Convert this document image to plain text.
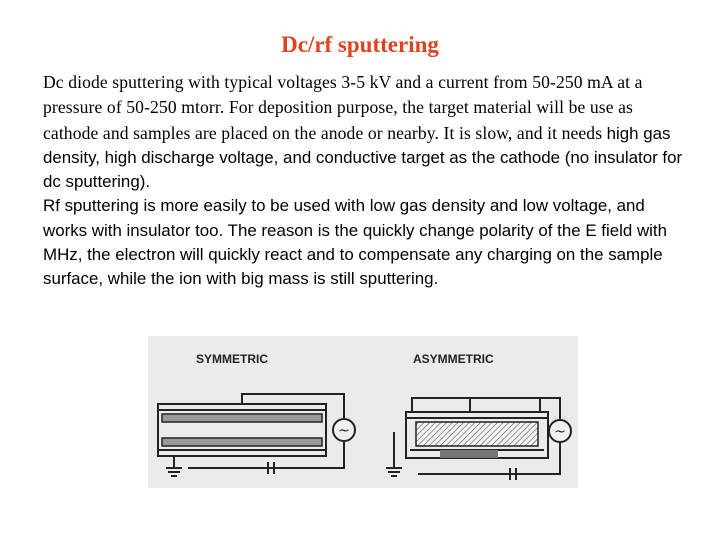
Dc/rf sputtering
Dc diode sputtering with typical voltages 3-5 kV and a current from 50-250 mA at a pressure of 50-250 mtorr. For deposition purpose, the target material will be use as cathode and samples are placed on the anode or nearby. It is slow, and it needs high gas density, high discharge voltage, and conductive target as the cathode (no insulator for dc sputtering).
Rf sputtering is more easily to be used with low gas density and low voltage, and works with insulator too. The reason is the quickly change polarity of the E field with MHz, the electron will quickly react and to compensate any charging on the sample surface, while the ion with big mass is still sputtering.
SYMMETRIC	ASYMMETRIC
~	~
